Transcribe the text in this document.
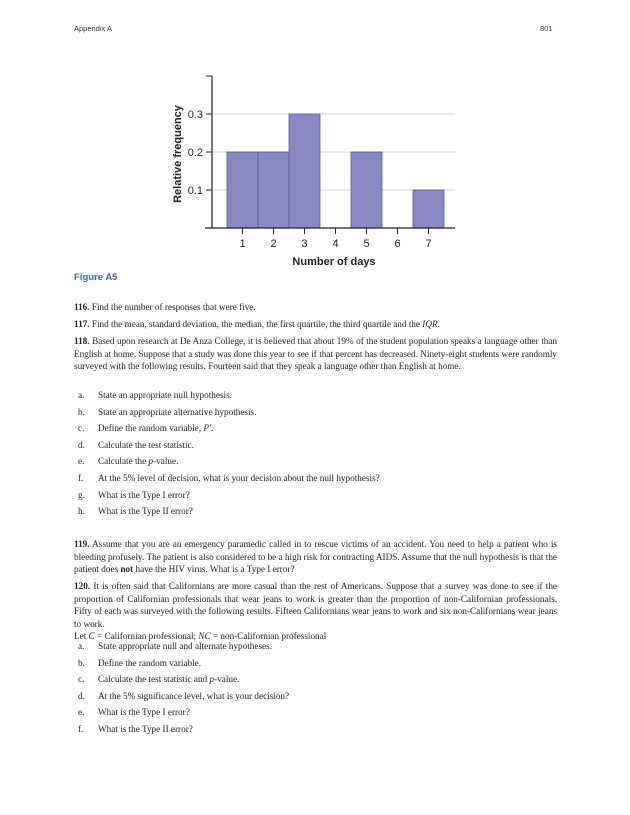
Appendix A	801
0.1
0.2
0.3
1 2 3 4 5 6 7
Relative frequency
Number of days
Figure A5
116. Find the number of responses that were five.
117. Find the mean, standard deviation, the median, the first quartile, the third quartile and the IQR.
118. Based upon research at De Anza College, it is believed that about 19% of the student population speaks a language other than English at home. Suppose that a study was done this year to see if that percent has decreased. Ninety-eight students were randomly surveyed with the following results. Fourteen said that they speak a language other than English at home.
a. State an appropriate null hypothesis.
b. State an appropriate alternative hypothesis.
c. Define the random variable, P′.
d. Calculate the test statistic.
e. Calculate the p-value.
f. At the 5% level of decision, what is your decision about the null hypothesis?
g. What is the Type I error?
h. What is the Type II error?
119. Assume that you are an emergency paramedic called in to rescue victims of an accident. You need to help a patient who is bleeding profusely. The patient is also considered to be a high risk for contracting AIDS. Assume that the null hypothesis is that the patient does not have the HIV virus. What is a Type I error?
120. It is often said that Californians are more casual than the rest of Americans. Suppose that a survey was done to see if the proportion of Californian professionals that wear jeans to work is greater than the proportion of non-Californian professionals. Fifty of each was surveyed with the following results. Fifteen Californians wear jeans to work and six non-Californians wear jeans to work.
Let C = Californian professional; NC = non-Californian professional
a. State appropriate null and alternate hypotheses.
b. Define the random variable.
c. Calculate the test statistic and p-value.
d. At the 5% significance level, what is your decision?
e. What is the Type I error?
f. What is the Type II error?
